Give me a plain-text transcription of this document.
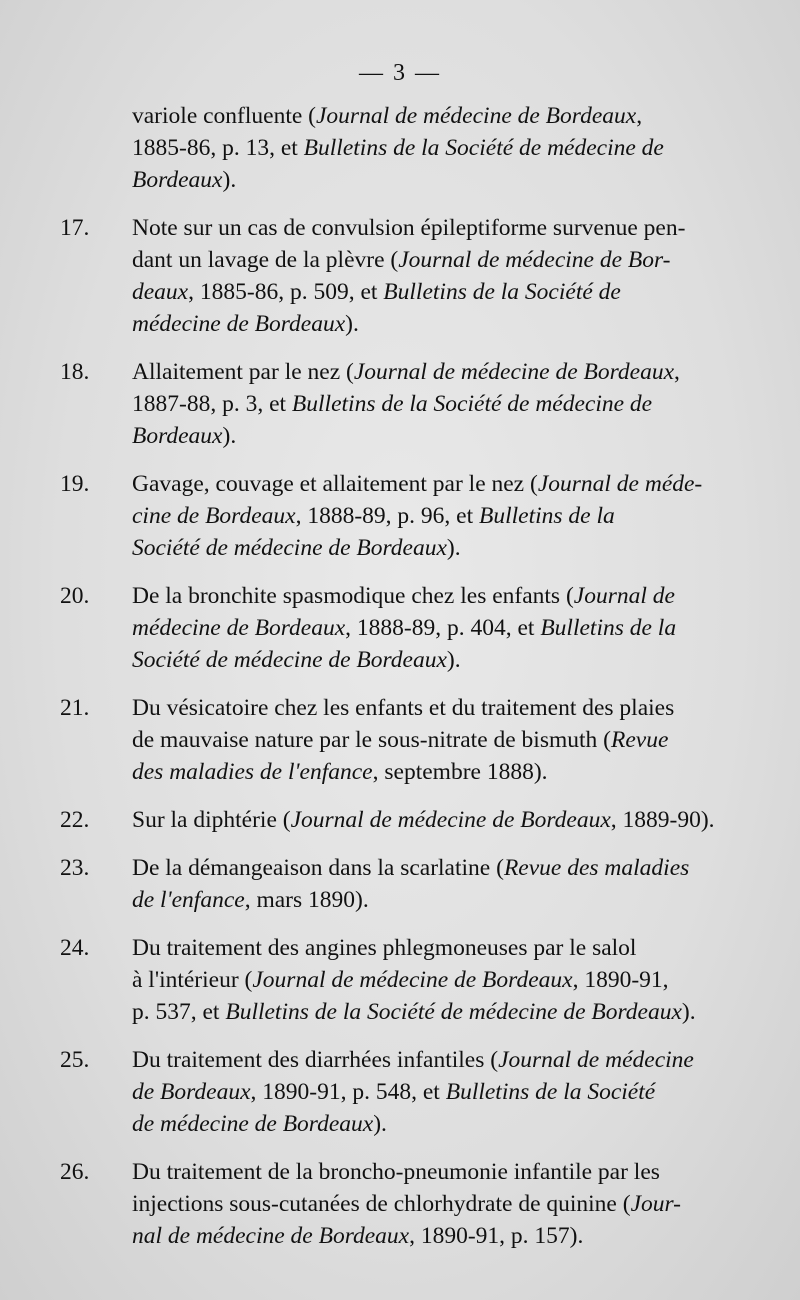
— 3 —
variole confluente (Journal de médecine de Bordeaux,
1885-86, p. 13, et Bulletins de la Société de médecine de
Bordeaux).
17.	Note sur un cas de convulsion épileptiforme survenue pen-
dant un lavage de la plèvre (Journal de médecine de Bor-
deaux, 1885-86, p. 509, et Bulletins de la Société de
médecine de Bordeaux).
18.	Allaitement par le nez (Journal de médecine de Bordeaux,
1887-88, p. 3, et Bulletins de la Société de médecine de
Bordeaux).
19.	Gavage, couvage et allaitement par le nez (Journal de méde-
cine de Bordeaux, 1888-89, p. 96, et Bulletins de la
Société de médecine de Bordeaux).
20.	De la bronchite spasmodique chez les enfants (Journal de
médecine de Bordeaux, 1888-89, p. 404, et Bulletins de la
Société de médecine de Bordeaux).
21.	Du vésicatoire chez les enfants et du traitement des plaies
de mauvaise nature par le sous-nitrate de bismuth (Revue
des maladies de l'enfance, septembre 1888).
22.	Sur la diphtérie (Journal de médecine de Bordeaux, 1889-90).
23.	De la démangeaison dans la scarlatine (Revue des maladies
de l'enfance, mars 1890).
24.	Du traitement des angines phlegmoneuses par le salol
à l'intérieur (Journal de médecine de Bordeaux, 1890-91,
p. 537, et Bulletins de la Société de médecine de Bordeaux).
25.	Du traitement des diarrhées infantiles (Journal de médecine
de Bordeaux, 1890-91, p. 548, et Bulletins de la Société
de médecine de Bordeaux).
26.	Du traitement de la broncho-pneumonie infantile par les
injections sous-cutanées de chlorhydrate de quinine (Jour-
nal de médecine de Bordeaux, 1890-91, p. 157).
